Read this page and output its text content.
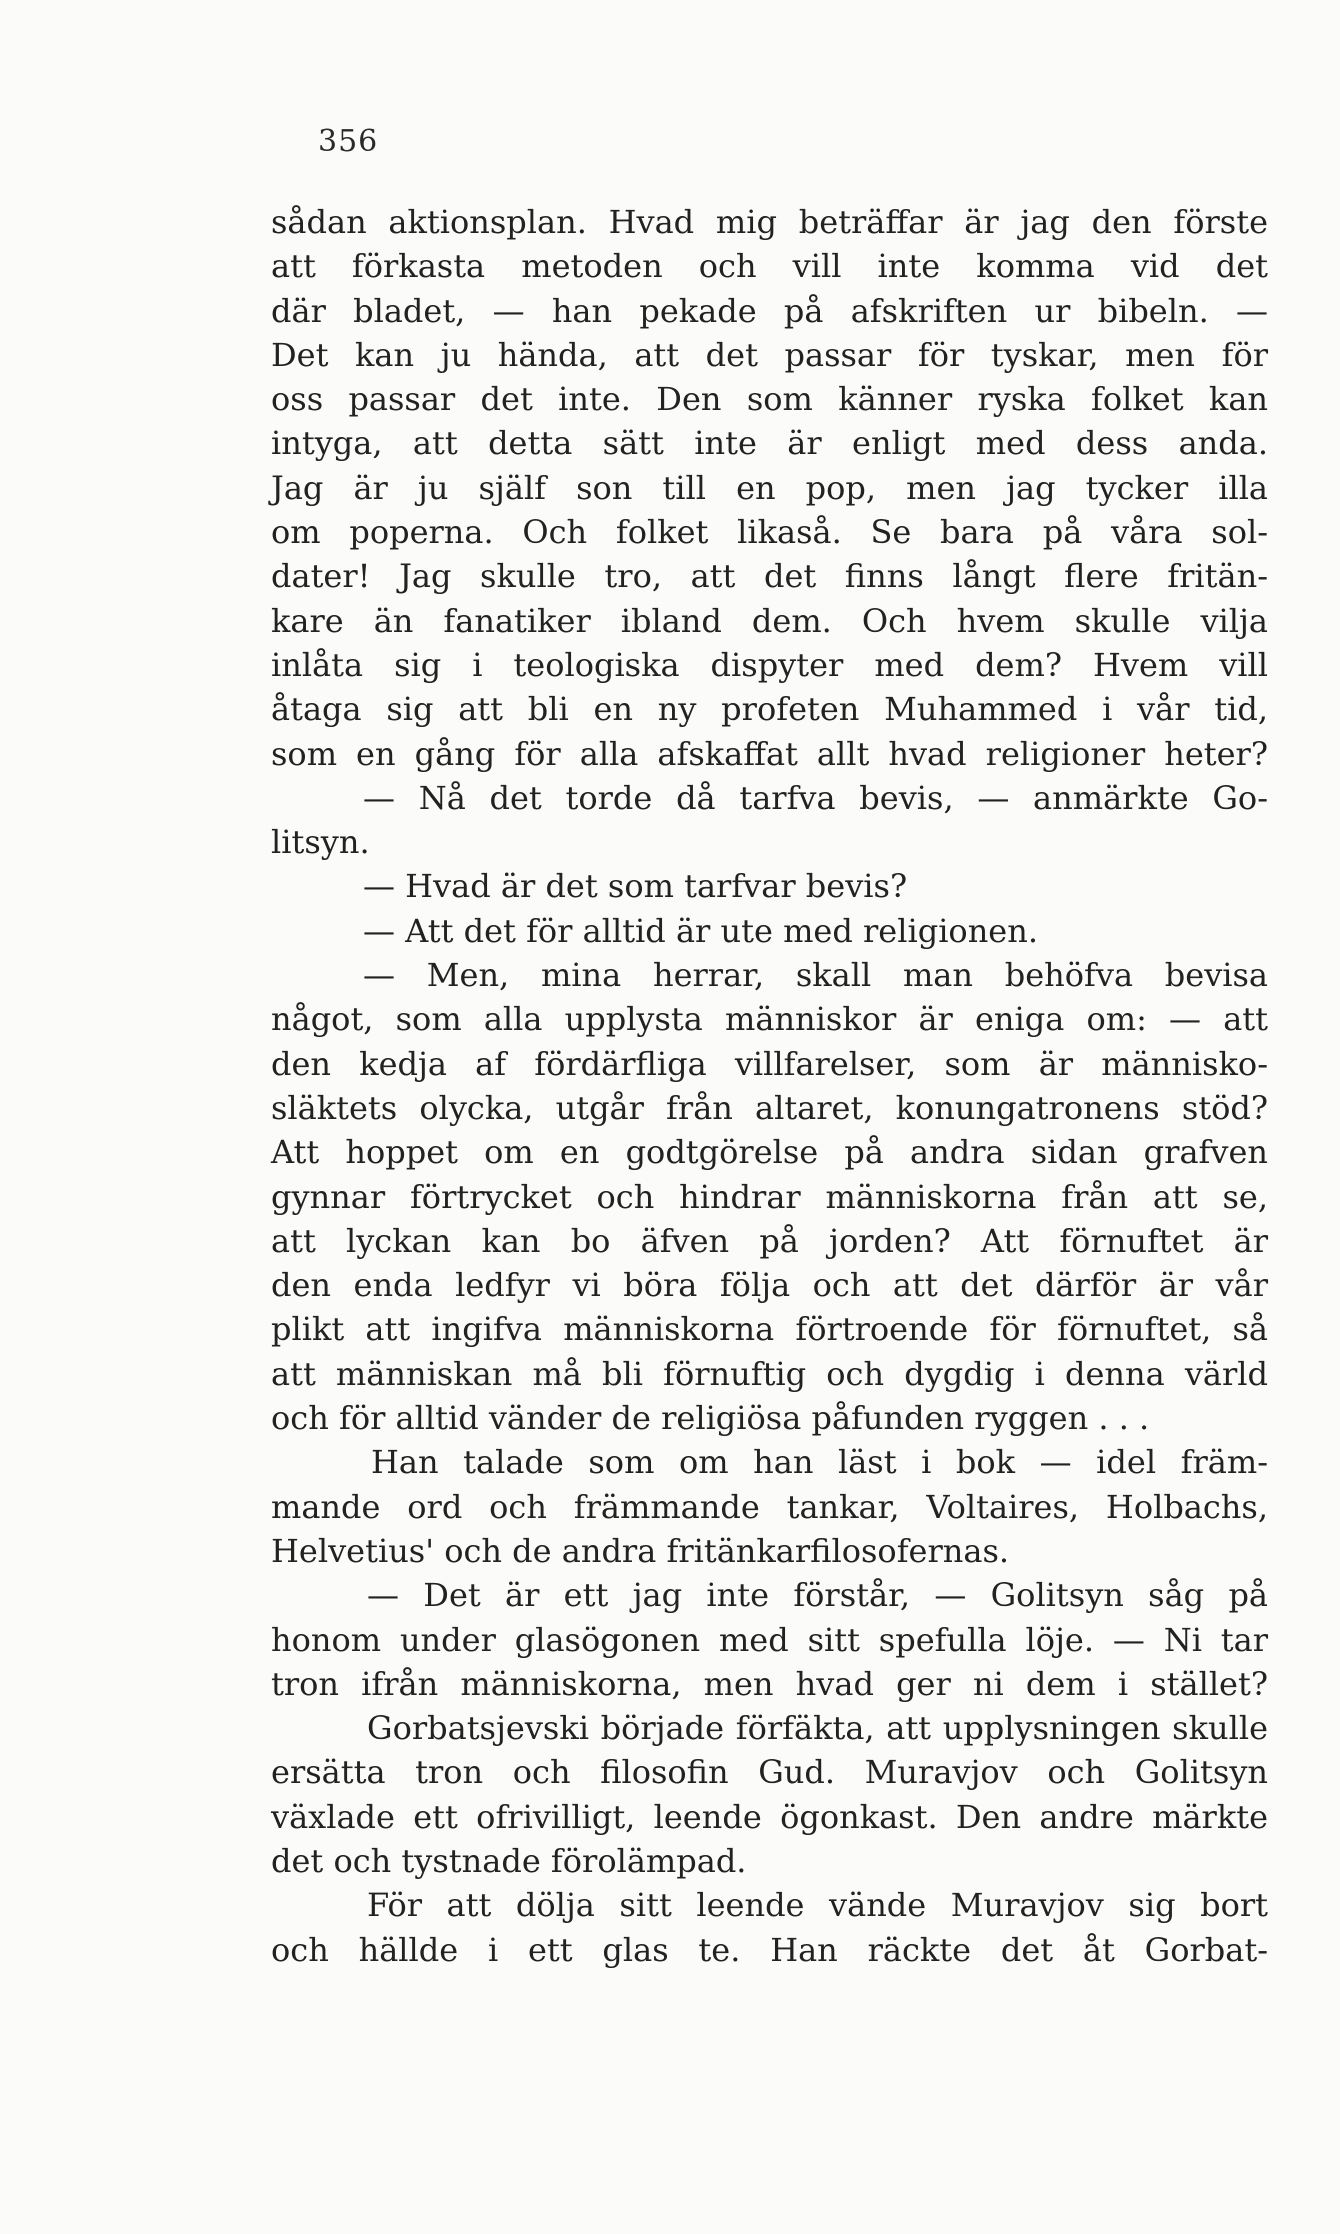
356
sådan aktionsplan. Hvad mig beträffar är jag den förste
att förkasta metoden och vill inte komma vid det
där bladet, — han pekade på afskriften ur bibeln. —
Det kan ju hända, att det passar för tyskar, men för
oss passar det inte. Den som känner ryska folket kan
intyga, att detta sätt inte är enligt med dess anda.
Jag är ju själf son till en pop, men jag tycker illa
om poperna. Och folket likaså. Se bara på våra sol-
dater! Jag skulle tro, att det finns långt flere fritän-
kare än fanatiker ibland dem. Och hvem skulle vilja
inlåta sig i teologiska dispyter med dem? Hvem vill
åtaga sig att bli en ny profeten Muhammed i vår tid,
som en gång för alla afskaffat allt hvad religioner heter?
— Nå det torde då tarfva bevis, — anmärkte Go-
litsyn.
— Hvad är det som tarfvar bevis?
— Att det för alltid är ute med religionen.
— Men, mina herrar, skall man behöfva bevisa
något, som alla upplysta människor är eniga om: — att
den kedja af fördärfliga villfarelser, som är människo-
släktets olycka, utgår från altaret, konungatronens stöd?
Att hoppet om en godtgörelse på andra sidan grafven
gynnar förtrycket och hindrar människorna från att se,
att lyckan kan bo äfven på jorden? Att förnuftet är
den enda ledfyr vi böra följa och att det därför är vår
plikt att ingifva människorna förtroende för förnuftet, så
att människan må bli förnuftig och dygdig i denna värld
och för alltid vänder de religiösa påfunden ryggen . . .
Han talade som om han läst i bok — idel främ-
mande ord och främmande tankar, Voltaires, Holbachs,
Helvetius' och de andra fritänkarfilosofernas.
— Det är ett jag inte förstår, — Golitsyn såg på
honom under glasögonen med sitt spefulla löje. — Ni tar
tron ifrån människorna, men hvad ger ni dem i stället?
Gorbatsjevski började förfäkta, att upplysningen skulle
ersätta tron och filosofin Gud. Muravjov och Golitsyn
växlade ett ofrivilligt, leende ögonkast. Den andre märkte
det och tystnade förolämpad.
För att dölja sitt leende vände Muravjov sig bort
och hällde i ett glas te. Han räckte det åt Gorbat-
